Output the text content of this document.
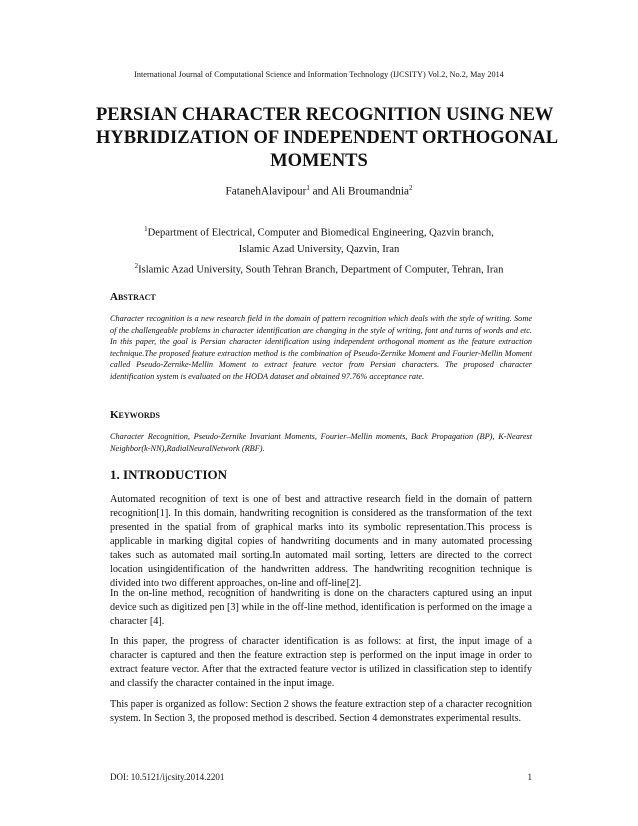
International Journal of Computational Science and Information Technology (IJCSITY) Vol.2, No.2, May 2014
PERSIAN CHARACTER RECOGNITION USING NEW
HYBRIDIZATION OF INDEPENDENT ORTHOGONAL
MOMENTS
FatanehAlavipour$^1$ and Ali Broumandnia$^2$
$^1$Department of Electrical, Computer and Biomedical Engineering, Qazvin branch,
Islamic Azad University, Qazvin, Iran
$^2$Islamic Azad University, South Tehran Branch, Department of Computer, Tehran, Iran
Abstract
Character recognition is a new research field in the domain of pattern recognition which deals with the style of writing. Some of the challengeable problems in character identification are changing in the style of writing, font and turns of words and etc. In this paper, the goal is Persian character identification using independent orthogonal moment as the feature extraction technique.The proposed feature extraction method is the combination of Pseudo-Zernike Moment and Fourier-Mellin Moment called Pseudo-Zernike-Mellin Moment to extract feature vector from Persian characters. The proposed character identification system is evaluated on the HODA dataset and obtained 97.76% acceptance rate.
Keywords
Character Recognition, Pseudo-Zernike Invariant Moments, Fourier–Mellin moments, Back Propagation (BP), K-Nearest Neighbor(k-NN),RadialNeuralNetwork (RBF).
1. INTRODUCTION
Automated recognition of text is one of best and attractive research field in the domain of pattern recognition[1]. In this domain, handwriting recognition is considered as the transformation of the text presented in the spatial from of graphical marks into its symbolic representation.This process is applicable in marking digital copies of handwriting documents and in many automated processing takes such as automated mail sorting.In automated mail sorting, letters are directed to the correct location usingidentification of the handwritten address. The handwriting recognition technique is divided into two different approaches, on-line and off-line[2].
In the on-line method, recognition of handwriting is done on the characters captured using an input device such as digitized pen [3] while in the off-line method, identification is performed on the image a character [4].
In this paper, the progress of character identification is as follows: at first, the input image of a character is captured and then the feature extraction step is performed on the input image in order to extract feature vector. After that the extracted feature vector is utilized in classification step to identify and classify the character contained in the input image.
This paper is organized as follow: Section 2 shows the feature extraction step of a character recognition system. In Section 3, the proposed method is described. Section 4 demonstrates experimental results.
DOI: 10.5121/ijcsity.2014.2201	1
